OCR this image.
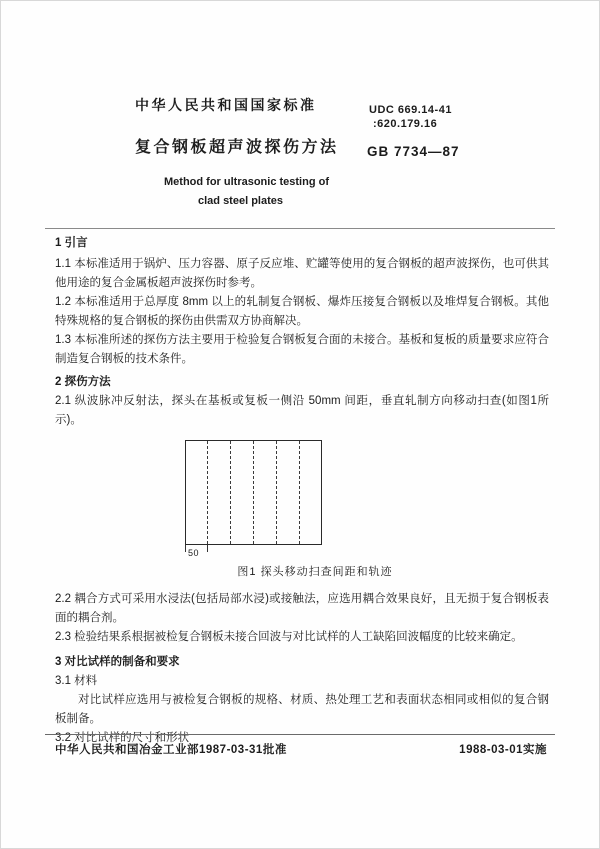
中华人民共和国国家标准	UDC 669.14-41
:620.179.16
复合钢板超声波探伤方法 GB 7734—87
Method for ultrasonic testing of
clad steel plates
1 引言

1.1 本标准适用于锅炉、压力容器、原子反应堆、贮罐等使用的复合钢板的超声波探伤，也可供其他用途的复合金属板超声波探伤时参考。

1.2 本标准适用于总厚度 8mm 以上的轧制复合钢板、爆炸压接复合钢板以及堆焊复合钢板。其他特殊规格的复合钢板的探伤由供需双方协商解决。

1.3 本标准所述的探伤方法主要用于检验复合钢板复合面的未接合。基板和复板的质量要求应符合制造复合钢板的技术条件。

2 探伤方法

2.1 纵波脉冲反射法，探头在基板或复板一侧沿 50mm 间距，垂直轧制方向移动扫查(如图1所示)。

50
图1 探头移动扫查间距和轨迹

2.2 耦合方式可采用水浸法(包括局部水浸)或接触法，应选用耦合效果良好，且无损于复合钢板表面的耦合剂。

2.3 检验结果系根据被检复合钢板未接合回波与对比试样的人工缺陷回波幅度的比较来确定。

3 对比试样的制备和要求

3.1 材料

对比试样应选用与被检复合钢板的规格、材质、热处理工艺和表面状态相同或相似的复合钢板制备。

3.2 对比试样的尺寸和形状

中华人民共和国冶金工业部1987-03-31批准	1988-03-01实施
